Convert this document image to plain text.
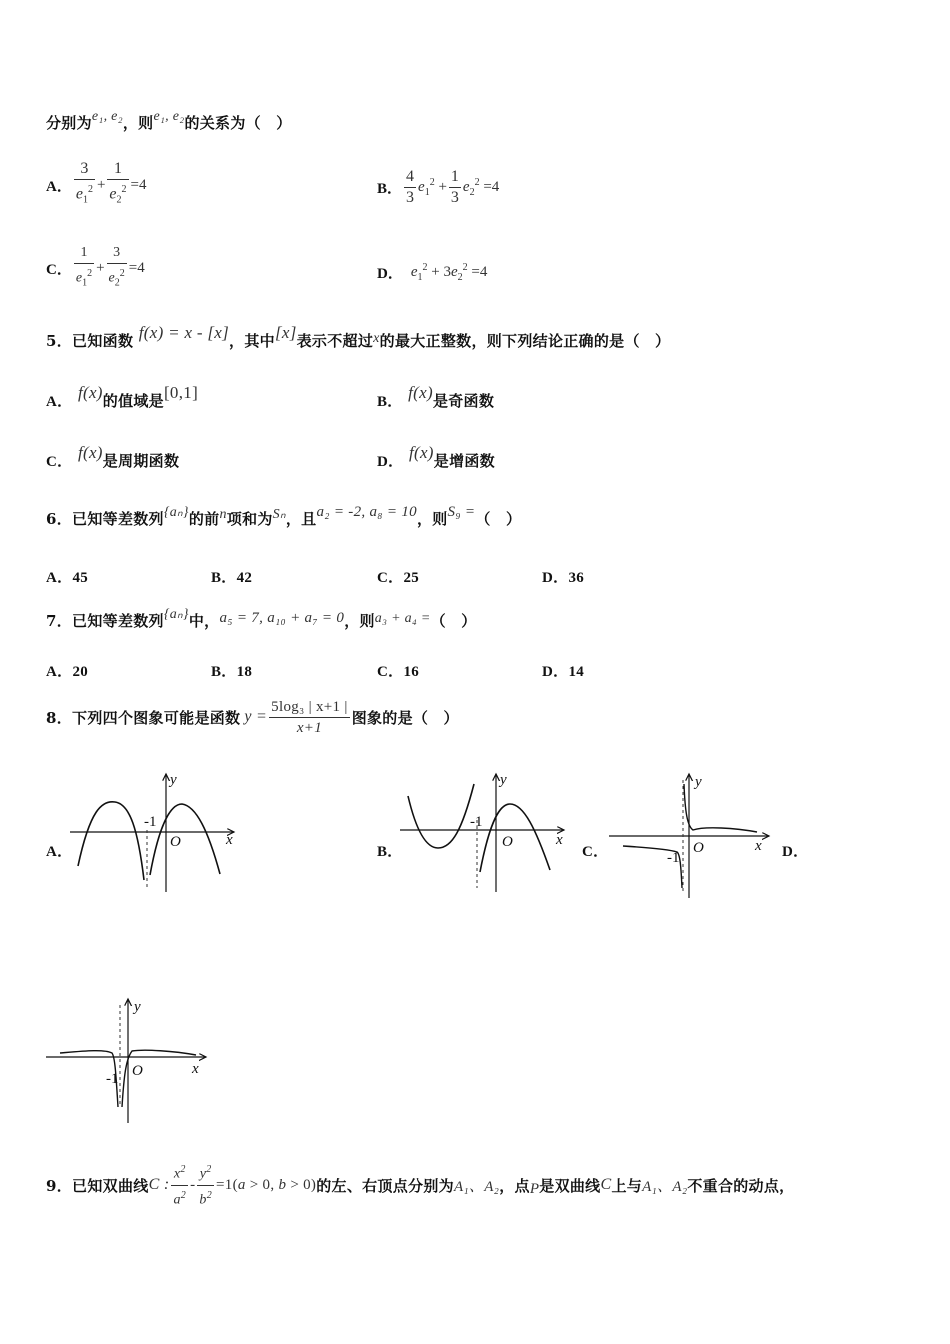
分别为e₁, e₂，则e₁, e₂的关系为（　）
A． $\frac{3}{e_1^2} + \frac{1}{e_2^2} =4$	B． $\frac{4}{3} e_1^2 + \frac{1}{3} e_2^2 =4$
C． $\frac{1}{e_1^2} + \frac{3}{e_2^2} =4$	D． $e_1^2 + 3e_2^2 =4$
5．已知函数 f(x) = x - [x]，其中[x]表示不超过x的最大正整数，则下列结论正确的是（　）
A． f(x)的值域是[0,1]	B． f(x)是奇函数
C． f(x)是周期函数	D． f(x)是增函数
6．已知等差数列{aₙ}的前n项和为Sₙ，且a₂ = -2, a₈ = 10，则S₉ =（　）
A．45	B．42	C．25	D．36
7．已知等差数列{aₙ}中，a₅ = 7, a₁₀ + a₇ = 0，则a₃ + a₄ =（　）
A．20	B．18	C．16	D．14
8． 下列四个图象可能是函数 $y = \frac{\text{5log₃ | x+1 |}}{x+1}$ 图象的是（　）
A．	B．	C．	D．
y
x
O
-1
y
x
O
-1
y
x
O
-1
y
x
O
-1
9． 已知双曲线 C : $\frac{x^2}{a^2} - \frac{y^2}{b^2} =1(a > 0$, b > 0) 的左、右顶点分别为 A₁、A₂ ，点 P 是双曲线 C 上与 A₁、A₂ 不重合的动点，
